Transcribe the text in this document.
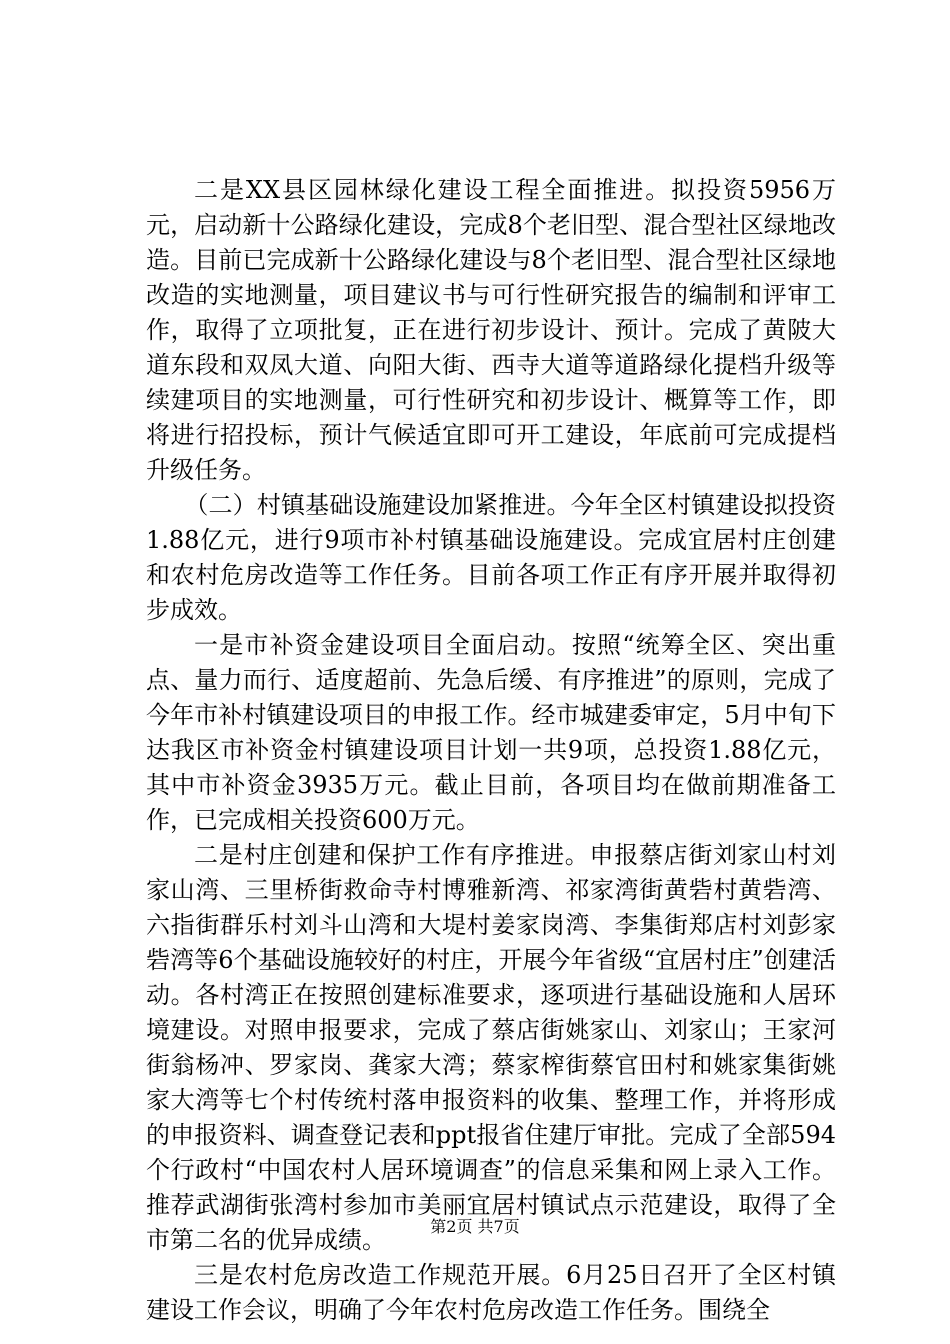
二是XX县区园林绿化建设工程全面推进。拟投资5956万元，启动新十公路绿化建设，完成8个老旧型、混合型社区绿地改造。目前已完成新十公路绿化建设与8个老旧型、混合型社区绿地改造的实地测量，项目建议书与可行性研究报告的编制和评审工作，取得了立项批复，正在进行初步设计、预计。完成了黄陂大道东段和双凤大道、向阳大街、西寺大道等道路绿化提档升级等续建项目的实地测量，可行性研究和初步设计、概算等工作，即将进行招投标，预计气候适宜即可开工建设，年底前可完成提档升级任务。

（二）村镇基础设施建设加紧推进。今年全区村镇建设拟投资1.88亿元，进行9项市补村镇基础设施建设。完成宜居村庄创建和农村危房改造等工作任务。目前各项工作正有序开展并取得初步成效。

一是市补资金建设项目全面启动。按照“统筹全区、突出重点、量力而行、适度超前、先急后缓、有序推进”的原则，完成了今年市补村镇建设项目的申报工作。经市城建委审定，5月中旬下达我区市补资金村镇建设项目计划一共9项，总投资1.88亿元，其中市补资金3935万元。截止目前，各项目均在做前期准备工作，已完成相关投资600万元。

二是村庄创建和保护工作有序推进。申报蔡店街刘家山村刘家山湾、三里桥街救命寺村博雅新湾、祁家湾街黄砦村黄砦湾、六指街群乐村刘斗山湾和大堤村姜家岗湾、李集街郑店村刘彭家砦湾等6个基础设施较好的村庄，开展今年省级“宜居村庄”创建活动。各村湾正在按照创建标准要求，逐项进行基础设施和人居环境建设。对照申报要求，完成了蔡店街姚家山、刘家山；王家河街翁杨冲、罗家岗、龚家大湾；蔡家榨街蔡官田村和姚家集街姚家大湾等七个村传统村落申报资料的收集、整理工作，并将形成的申报资料、调查登记表和ppt报省住建厅审批。完成了全部594个行政村“中国农村人居环境调查”的信息采集和网上录入工作。推荐武湖街张湾村参加市美丽宜居村镇试点示范建设，取得了全市第二名的优异成绩。

三是农村危房改造工作规范开展。6月25日召开了全区村镇建设工作会议，明确了今年农村危房改造工作任务。围绕全

第2页 共7页
